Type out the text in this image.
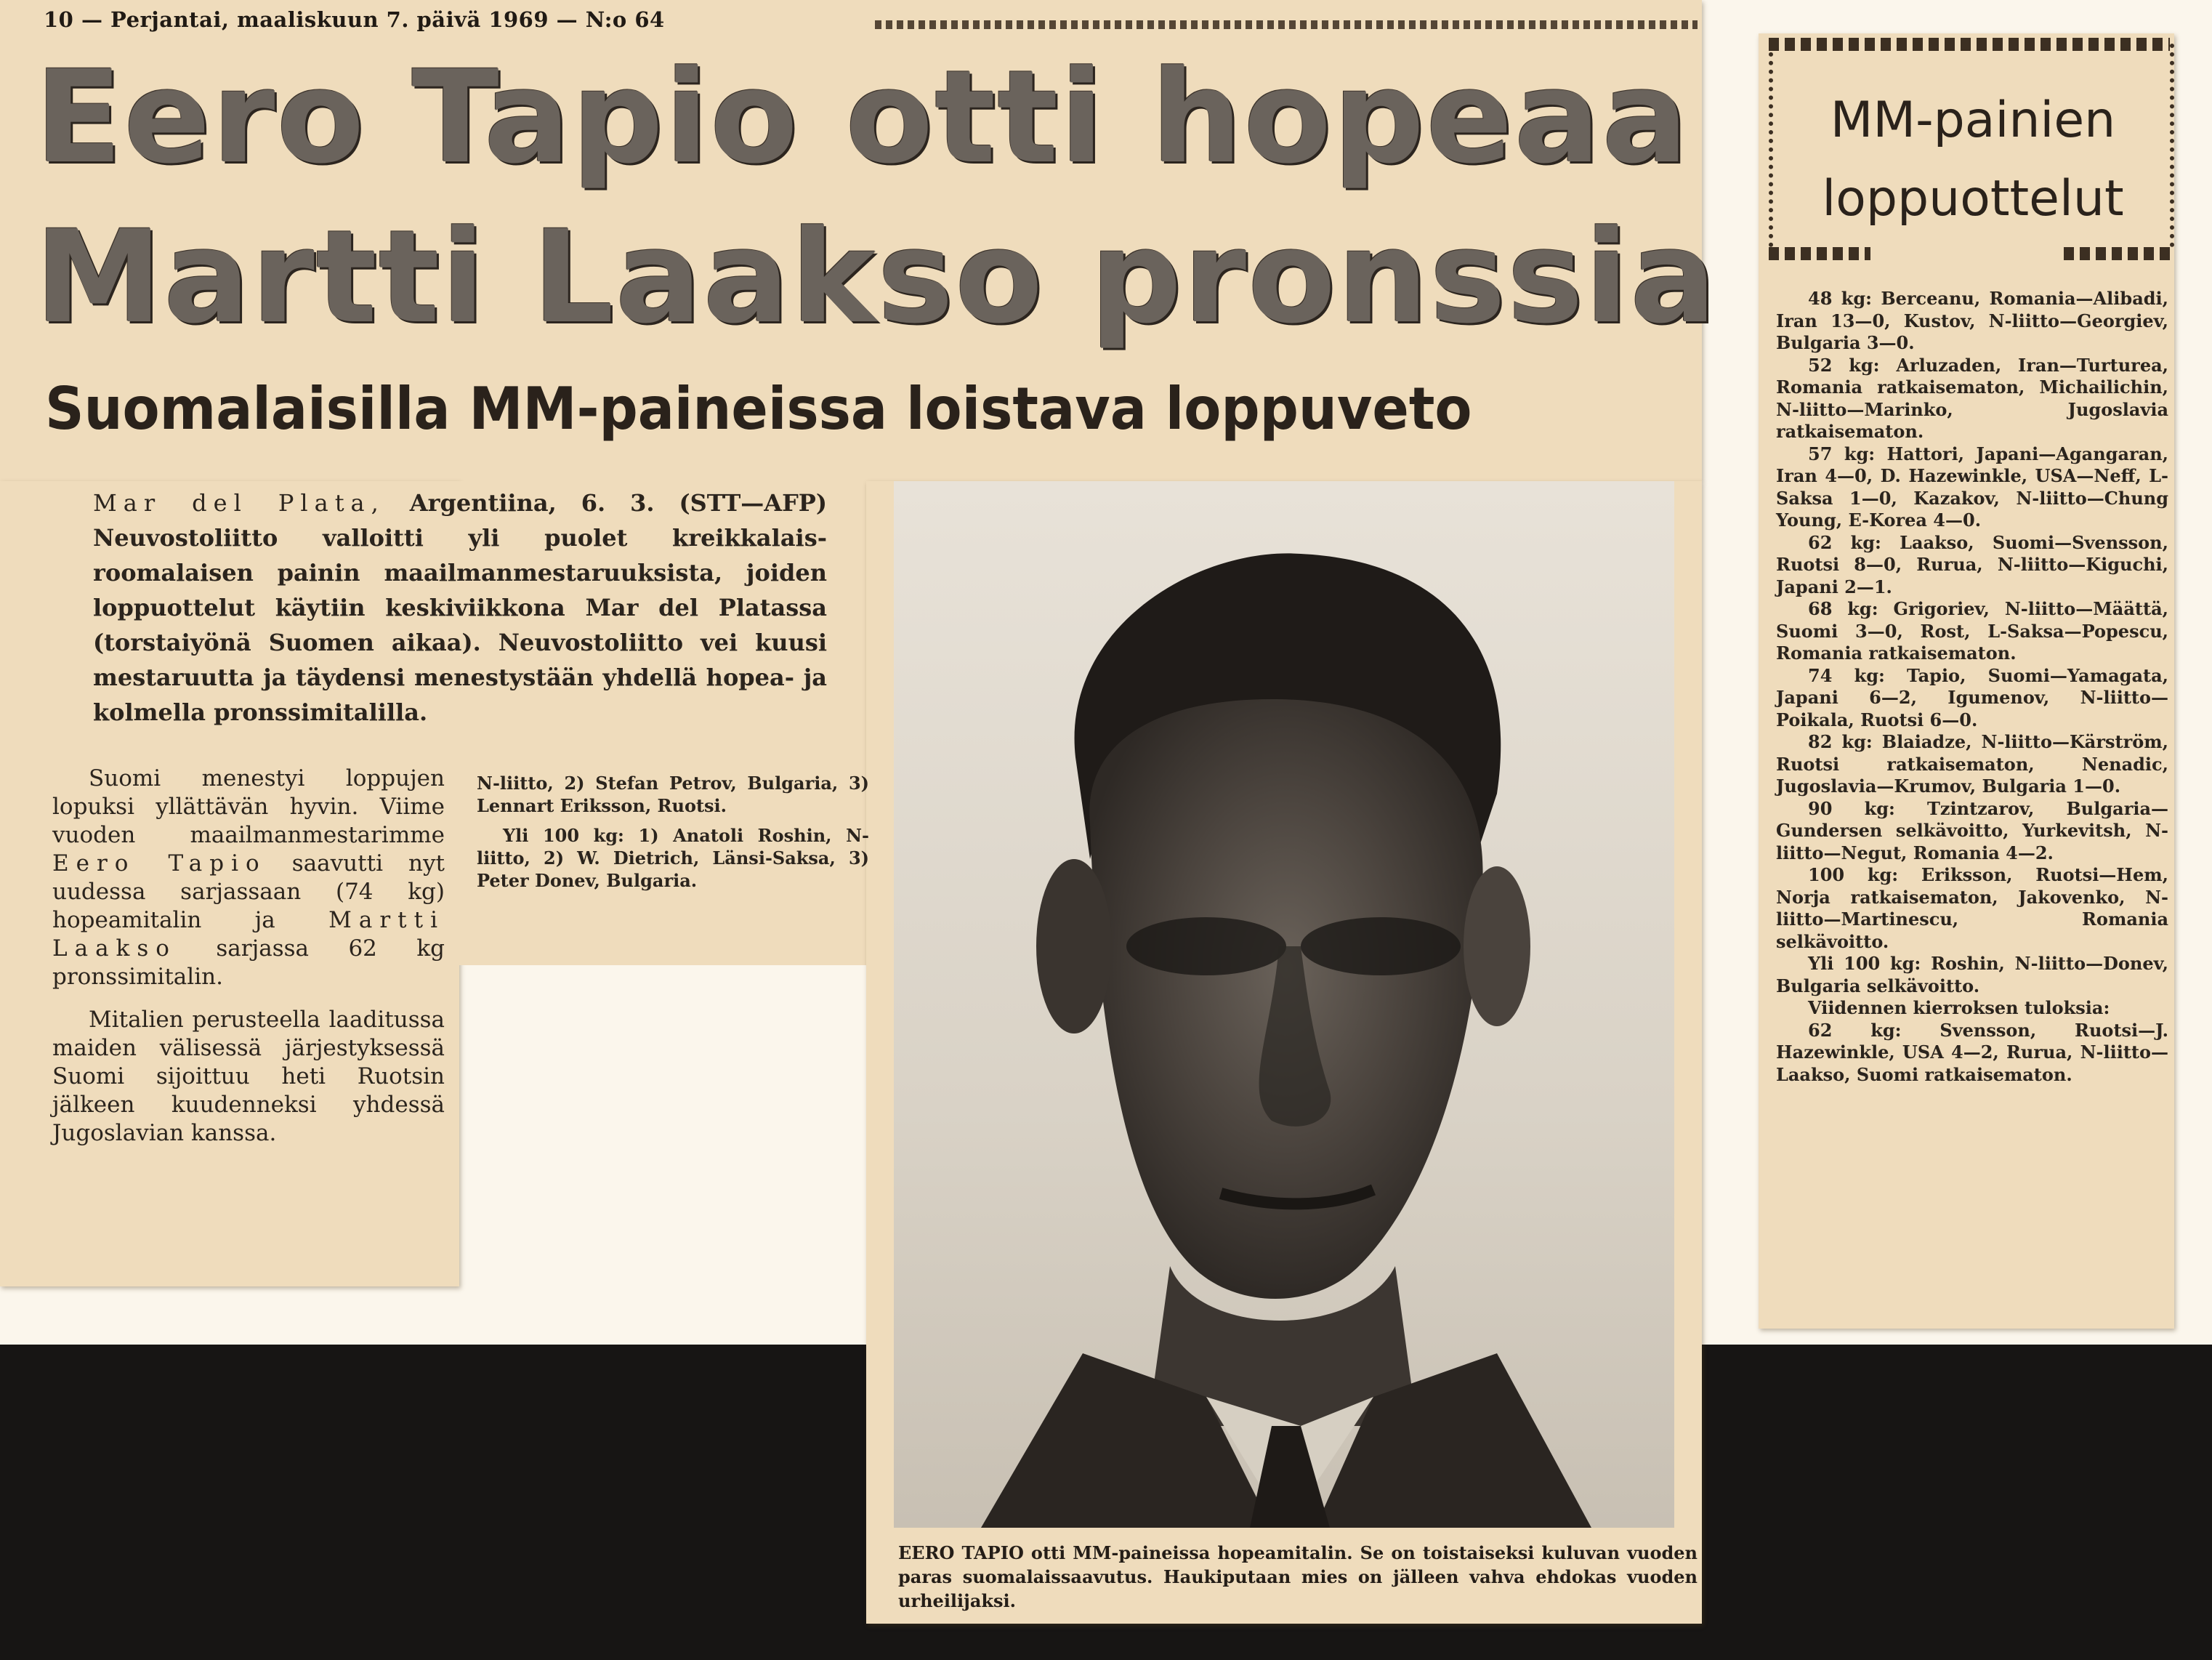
10 — Perjantai, maaliskuun 7. päivä 1969 — N:o 64
Eero Tapio otti hopeaa
Martti Laakso pronssia
Suomalaisilla MM-paineissa loistava loppuveto
Mar del Plata, Argentiina, 6. 3. (STT—AFP) Neuvostoliitto valloitti yli puolet kreikkalais-roomalaisen painin maailmanmestaruuksista, joiden loppuottelut käytiin keskiviikkona Mar del Platassa (torstaiyönä Suomen aikaa). Neuvostoliitto vei kuusi mestaruutta ja täydensi menestystään yhdellä hopea- ja kolmella pronssimitalilla.

Suomi menestyi loppujen lopuksi yllättävän hyvin. Viime vuoden maailmanmestarimme Eero Tapio saavutti nyt uudessa sarjassaan (74 kg) hopeamitalin ja Martti Laakso sarjassa 62 kg pronssimitalin.

Mitalien perusteella laaditussa maiden välisessä järjestyksessä Suomi sijoittuu heti Ruotsin jälkeen kuudenneksi yhdessä Jugoslavian kanssa.

N-liitto, 2) Stefan Petrov, Bulgaria, 3) Lennart Eriksson, Ruotsi.

Yli 100 kg: 1) Anatoli Roshin, N-liitto, 2) W. Dietrich, Länsi-Saksa, 3) Peter Donev, Bulgaria.

EERO TAPIO otti MM-paineissa hopeamitalin. Se on toistaiseksi kuluvan vuoden paras suomalaissaavutus. Haukiputaan mies on jälleen vahva ehdokas vuoden urheilijaksi.
MM-painien
loppuottelut

48 kg: Berceanu, Romania—Alibadi, Iran 13—0, Kustov, N-liitto—Georgiev, Bulgaria 3—0.

52 kg: Arluzaden, Iran—Turturea, Romania ratkaisematon, Michailichin, N-liitto—Marinko, Jugoslavia ratkaisematon.

57 kg: Hattori, Japani—Agangaran, Iran 4—0, D. Hazewinkle, USA—Neff, L-Saksa 1—0, Kazakov, N-liitto—Chung Young, E-Korea 4—0.

62 kg: Laakso, Suomi—Svensson, Ruotsi 8—0, Rurua, N-liitto—Kiguchi, Japani 2—1.

68 kg: Grigoriev, N-liitto—Määttä, Suomi 3—0, Rost, L-Saksa—Popescu, Romania ratkaisematon.

74 kg: Tapio, Suomi—Yamagata, Japani 6—2, Igumenov, N-liitto—Poikala, Ruotsi 6—0.

82 kg: Blaiadze, N-liitto—Kärström, Ruotsi ratkaisematon, Nenadic, Jugoslavia—Krumov, Bulgaria 1—0.

90 kg: Tzintzarov, Bulgaria—Gundersen selkävoitto, Yurkevitsh, N-liitto—Negut, Romania 4—2.

100 kg: Eriksson, Ruotsi—Hem, Norja ratkaisematon, Jakovenko, N-liitto—Martinescu, Romania selkävoitto.

Yli 100 kg: Roshin, N-liitto—Donev, Bulgaria selkävoitto.

Viidennen kierroksen tuloksia:

62 kg: Svensson, Ruotsi—J. Hazewinkle, USA 4—2, Rurua, N-liitto—Laakso, Suomi ratkaisematon.
